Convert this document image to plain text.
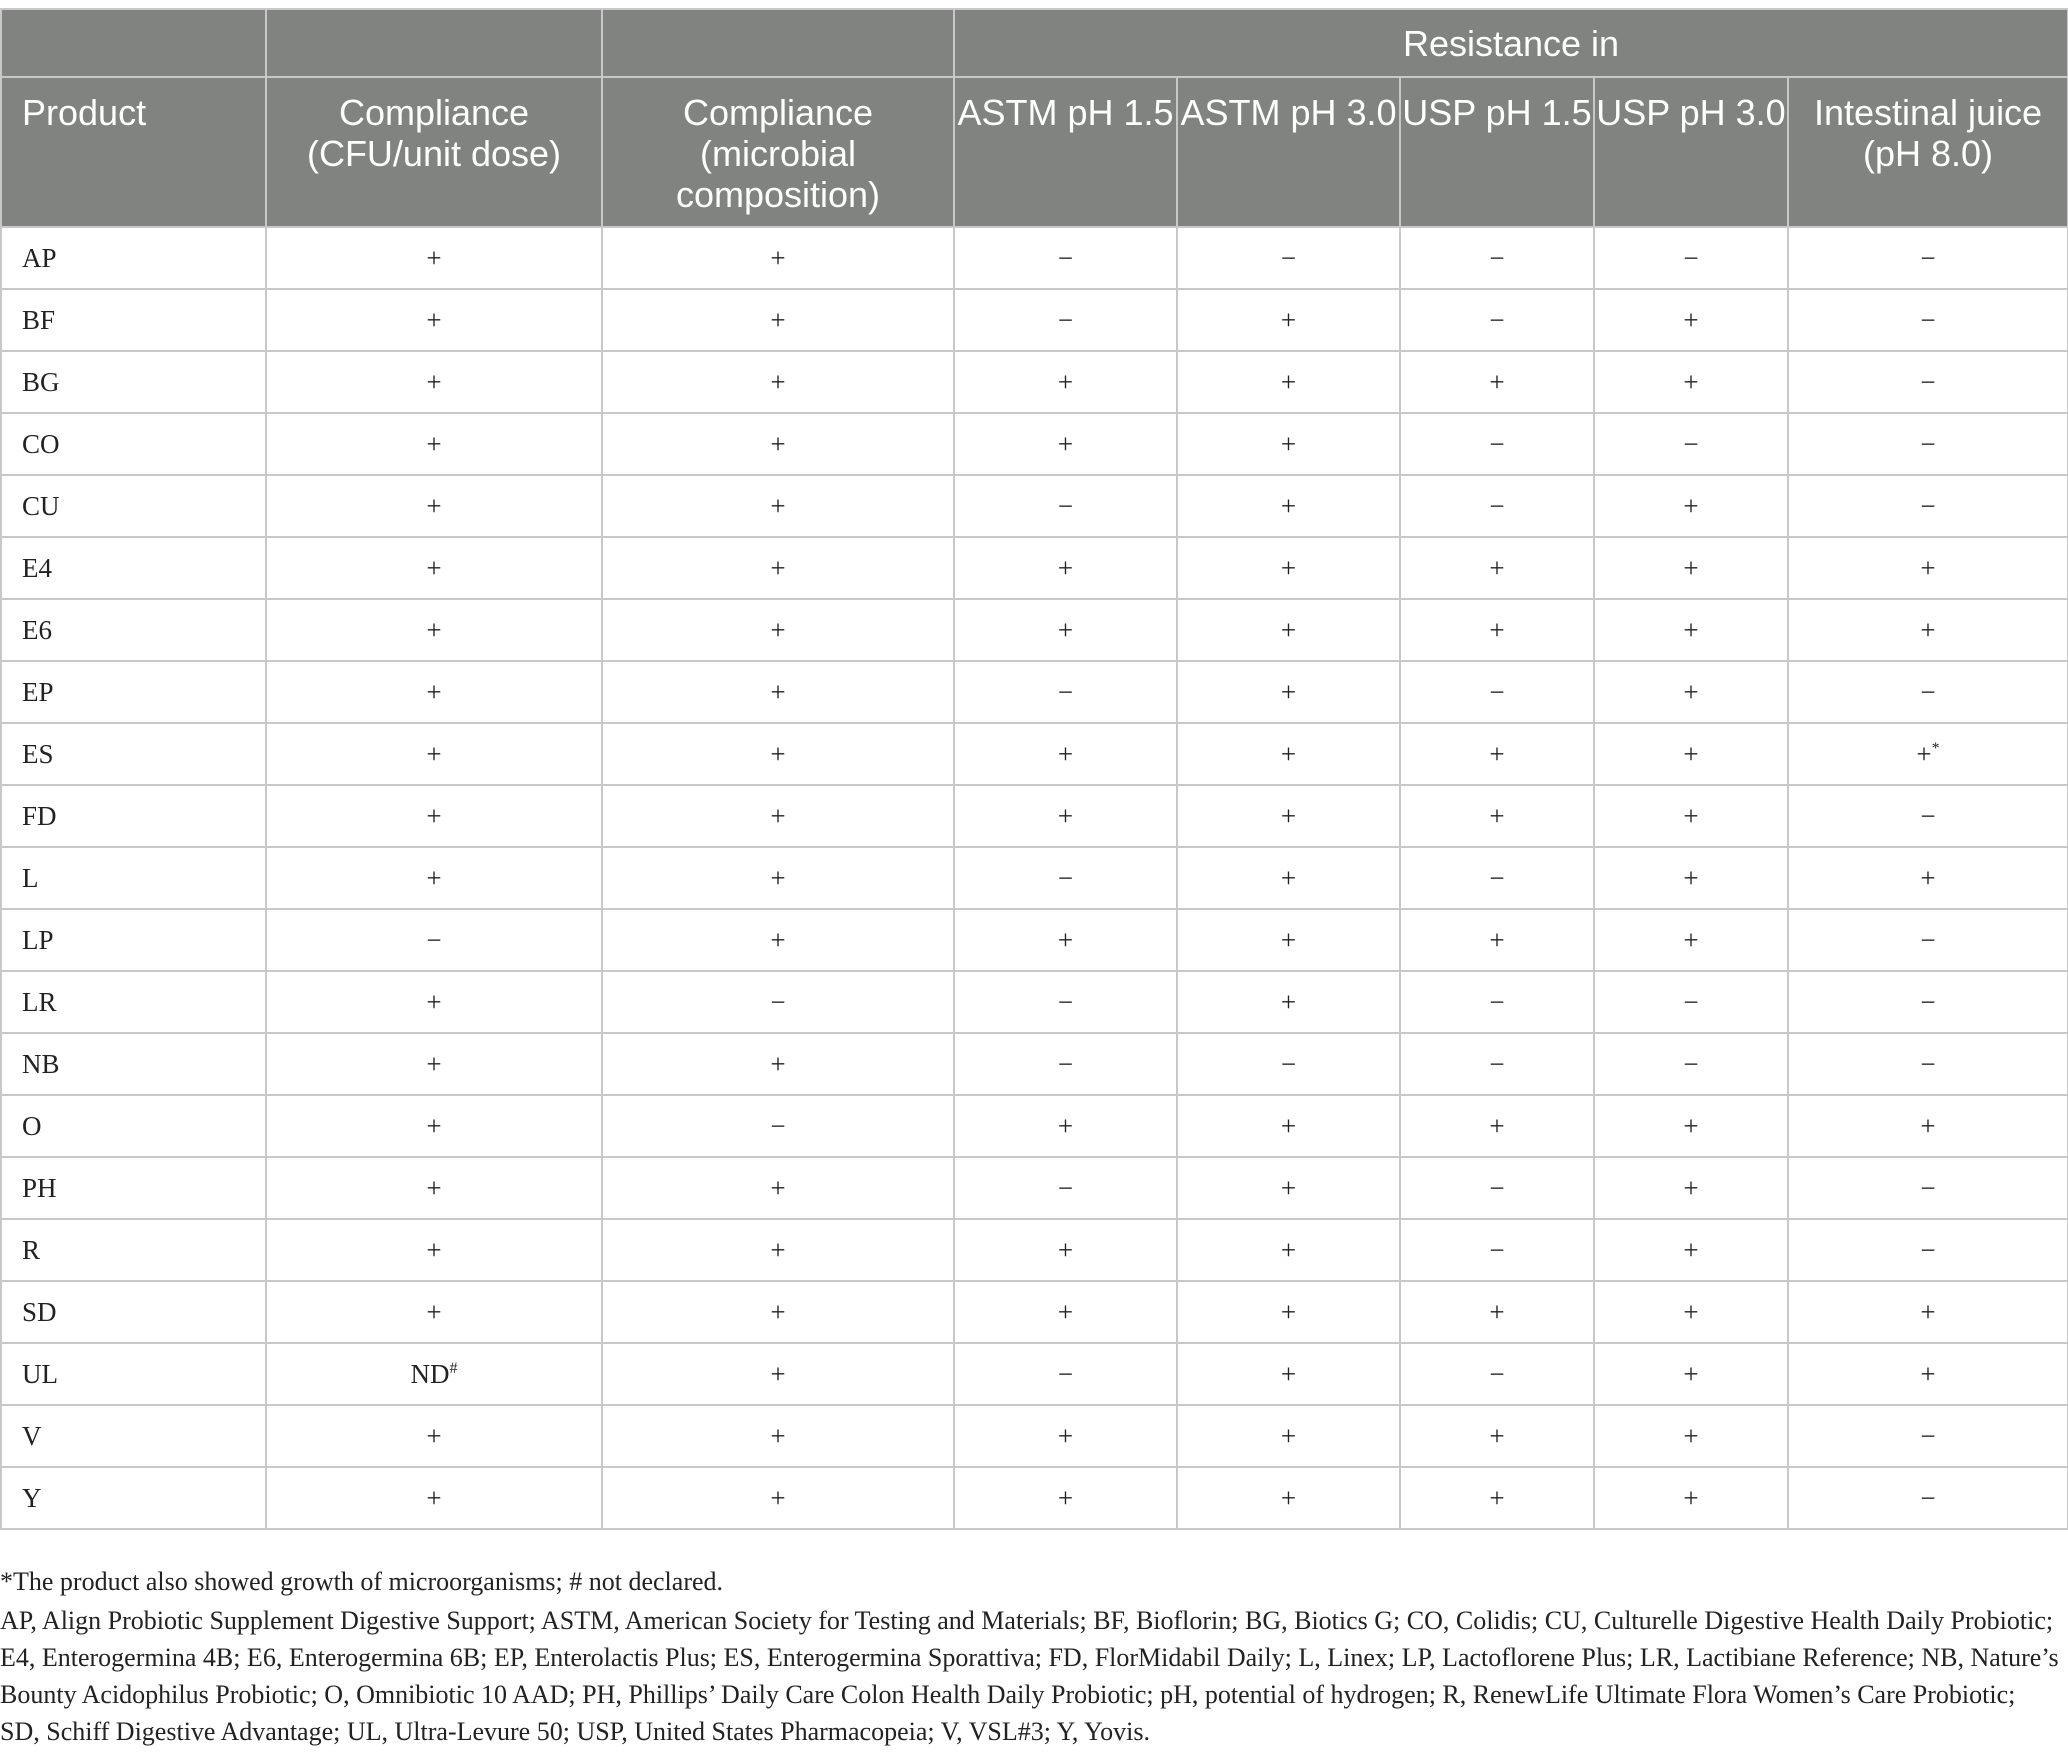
			Resistance in				
Product	Compliance (CFU/unit dose)	Compliance (microbial composition)	ASTM pH 1.5	ASTM pH 3.0	USP pH 1.5	USP pH 3.0	Intestinal juice (pH 8.0)
AP	+	+	−	−	−	−	−
BF	+	+	−	+	−	+	−
BG	+	+	+	+	+	+	−
CO	+	+	+	+	−	−	−
CU	+	+	−	+	−	+	−
E4	+	+	+	+	+	+	+
E6	+	+	+	+	+	+	+
EP	+	+	−	+	−	+	−
ES	+	+	+	+	+	+	+*
FD	+	+	+	+	+	+	−
L	+	+	−	+	−	+	+
LP	−	+	+	+	+	+	−
LR	+	−	−	+	−	−	−
NB	+	+	−	−	−	−	−
O	+	−	+	+	+	+	+
PH	+	+	−	+	−	+	−
R	+	+	+	+	−	+	−
SD	+	+	+	+	+	+	+
UL	ND#	+	−	+	−	+	+
V	+	+	+	+	+	+	−
Y	+	+	+	+	+	+	−

*The product also showed growth of microorganisms; # not declared.

AP, Align Probiotic Supplement Digestive Support; ASTM, American Society for Testing and Materials; BF, Bioflorin; BG, Biotics G; CO, Colidis; CU, Culturelle Digestive Health Daily Probiotic; E4, Enterogermina 4B; E6, Enterogermina 6B; EP, Enterolactis Plus; ES, Enterogermina Sporattiva; FD, FlorMidabil Daily; L, Linex; LP, Lactoflorene Plus; LR, Lactibiane Reference; NB, Nature’s Bounty Acidophilus Probiotic; O, Omnibiotic 10 AAD; PH, Phillips’ Daily Care Colon Health Daily Probiotic; pH, potential of hydrogen; R, RenewLife Ultimate Flora Women’s Care Probiotic; SD, Schiff Digestive Advantage; UL, Ultra-Levure 50; USP, United States Pharmacopeia; V, VSL#3; Y, Yovis.
